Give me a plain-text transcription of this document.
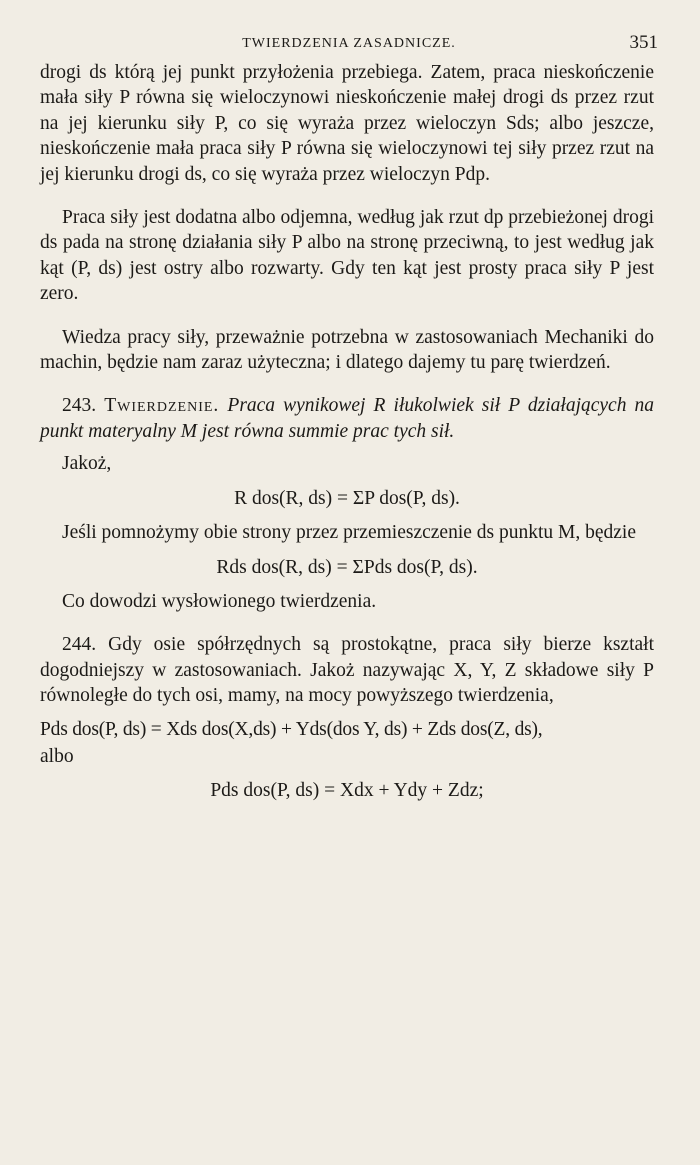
TWIERDZENIA ZASADNICZE.	351

drogi ds którą jej punkt przyłożenia przebiega. Zatem, praca nieskończenie mała siły P równa się wieloczynowi nieskończenie małej drogi ds przez rzut na jej kierunku siły P, co się wyraża przez wieloczyn Sds; albo jeszcze, nieskończenie mała praca siły P równa się wieloczynowi tej siły przez rzut na jej kierunku drogi ds, co się wyraża przez wieloczyn Pdp.

Praca siły jest dodatna albo odjemna, według jak rzut dp przebieżonej drogi ds pada na stronę działania siły P albo na stronę przeciwną, to jest według jak kąt (P, ds) jest ostry albo rozwarty. Gdy ten kąt jest prosty praca siły P jest zero.

Wiedza pracy siły, przeważnie potrzebna w zastosowaniach Mechaniki do machin, będzie nam zaraz użyteczna; i dlatego dajemy tu parę twierdzeń.

243. Twierdzenie. Praca wynikowej R iłukolwiek sił P działających na punkt materyalny M jest równa summie prac tych sił.

Jakoż,

R dos(R, ds) = ΣP dos(P, ds).

Jeśli pomnożymy obie strony przez przemieszczenie ds punktu M, będzie

Rds dos(R, ds) = ΣPds dos(P, ds).

Co dowodzi wysłowionego twierdzenia.

244. Gdy osie spółrzędnych są prostokątne, praca siły bierze kształt dogodniejszy w zastosowaniach. Jakoż nazywając X, Y, Z składowe siły P równoległe do tych osi, mamy, na mocy powyższego twierdzenia,

Pds dos(P, ds) = Xds dos(X,ds) + Yds(dos Y, ds) + Zds dos(Z, ds),

albo

Pds dos(P, ds) = Xdx + Ydy + Zdz;
